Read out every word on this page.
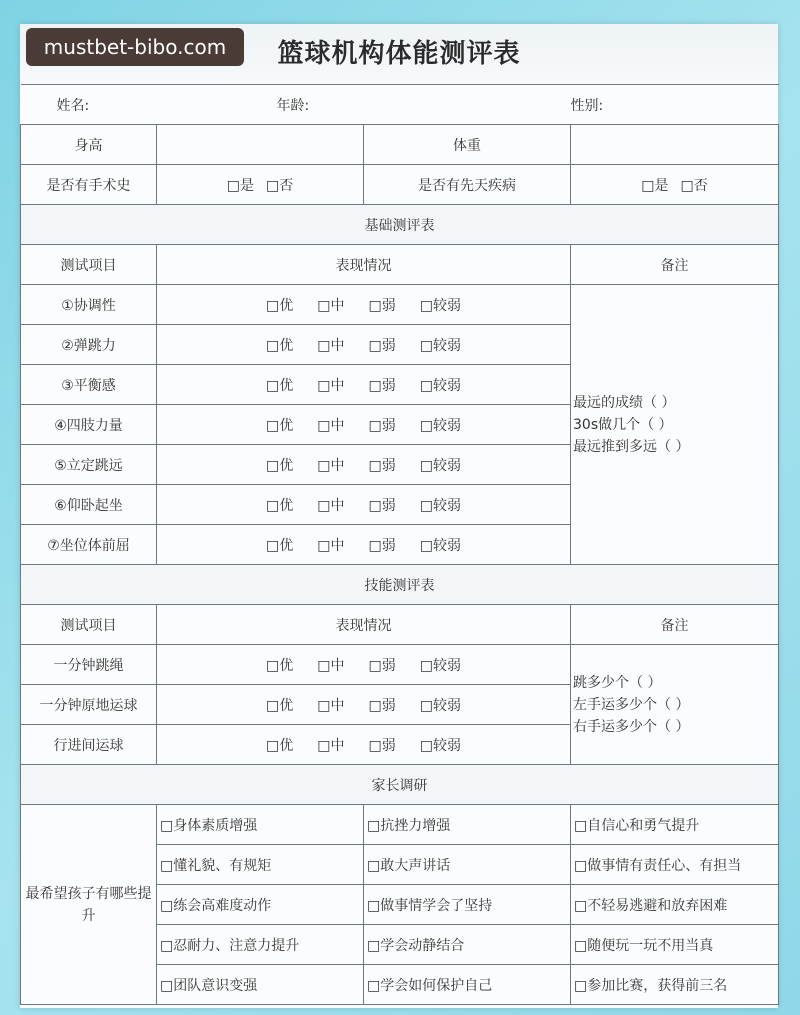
mustbet-bibo.com	篮球机构体能测评表
姓名:	年龄:		性别:
身高		体重	
是否有手术史	□是 □否	是否有先天疾病	□是 □否
基础测评表			
测试项目	表现情况		备注
①协调性	□优 □中 □弱 □较弱		最远的成绩（ ）
30s做几个（ ）
最远推到多远（ ）

②弹跳力	□优 □中 □弱 □较弱		
③平衡感	□优 □中 □弱 □较弱		
④四肢力量	□优 □中 □弱 □较弱		
⑤立定跳远	□优 □中 □弱 □较弱		
⑥仰卧起坐	□优 □中 □弱 □较弱		
⑦坐位体前屈	□优 □中 □弱 □较弱		
技能测评表			
测试项目	表现情况		备注
一分钟跳绳	□优 □中 □弱 □较弱		跳多少个（ ）
左手运多少个（ ）
右手运多少个（ ）

一分钟原地运球	□优 □中 □弱 □较弱		
行进间运球	□优 □中 □弱 □较弱		
家长调研			
最希望孩子有哪些提升	□身体素质增强	□抗挫力增强	□自信心和勇气提升
	□懂礼貌、有规矩	□敢大声讲话	□做事情有责任心、有担当
	□练会高难度动作	□做事情学会了坚持	□不轻易逃避和放弃困难
	□忍耐力、注意力提升	□学会动静结合	□随便玩一玩不用当真
	□团队意识变强	□学会如何保护自己	□参加比赛，获得前三名
